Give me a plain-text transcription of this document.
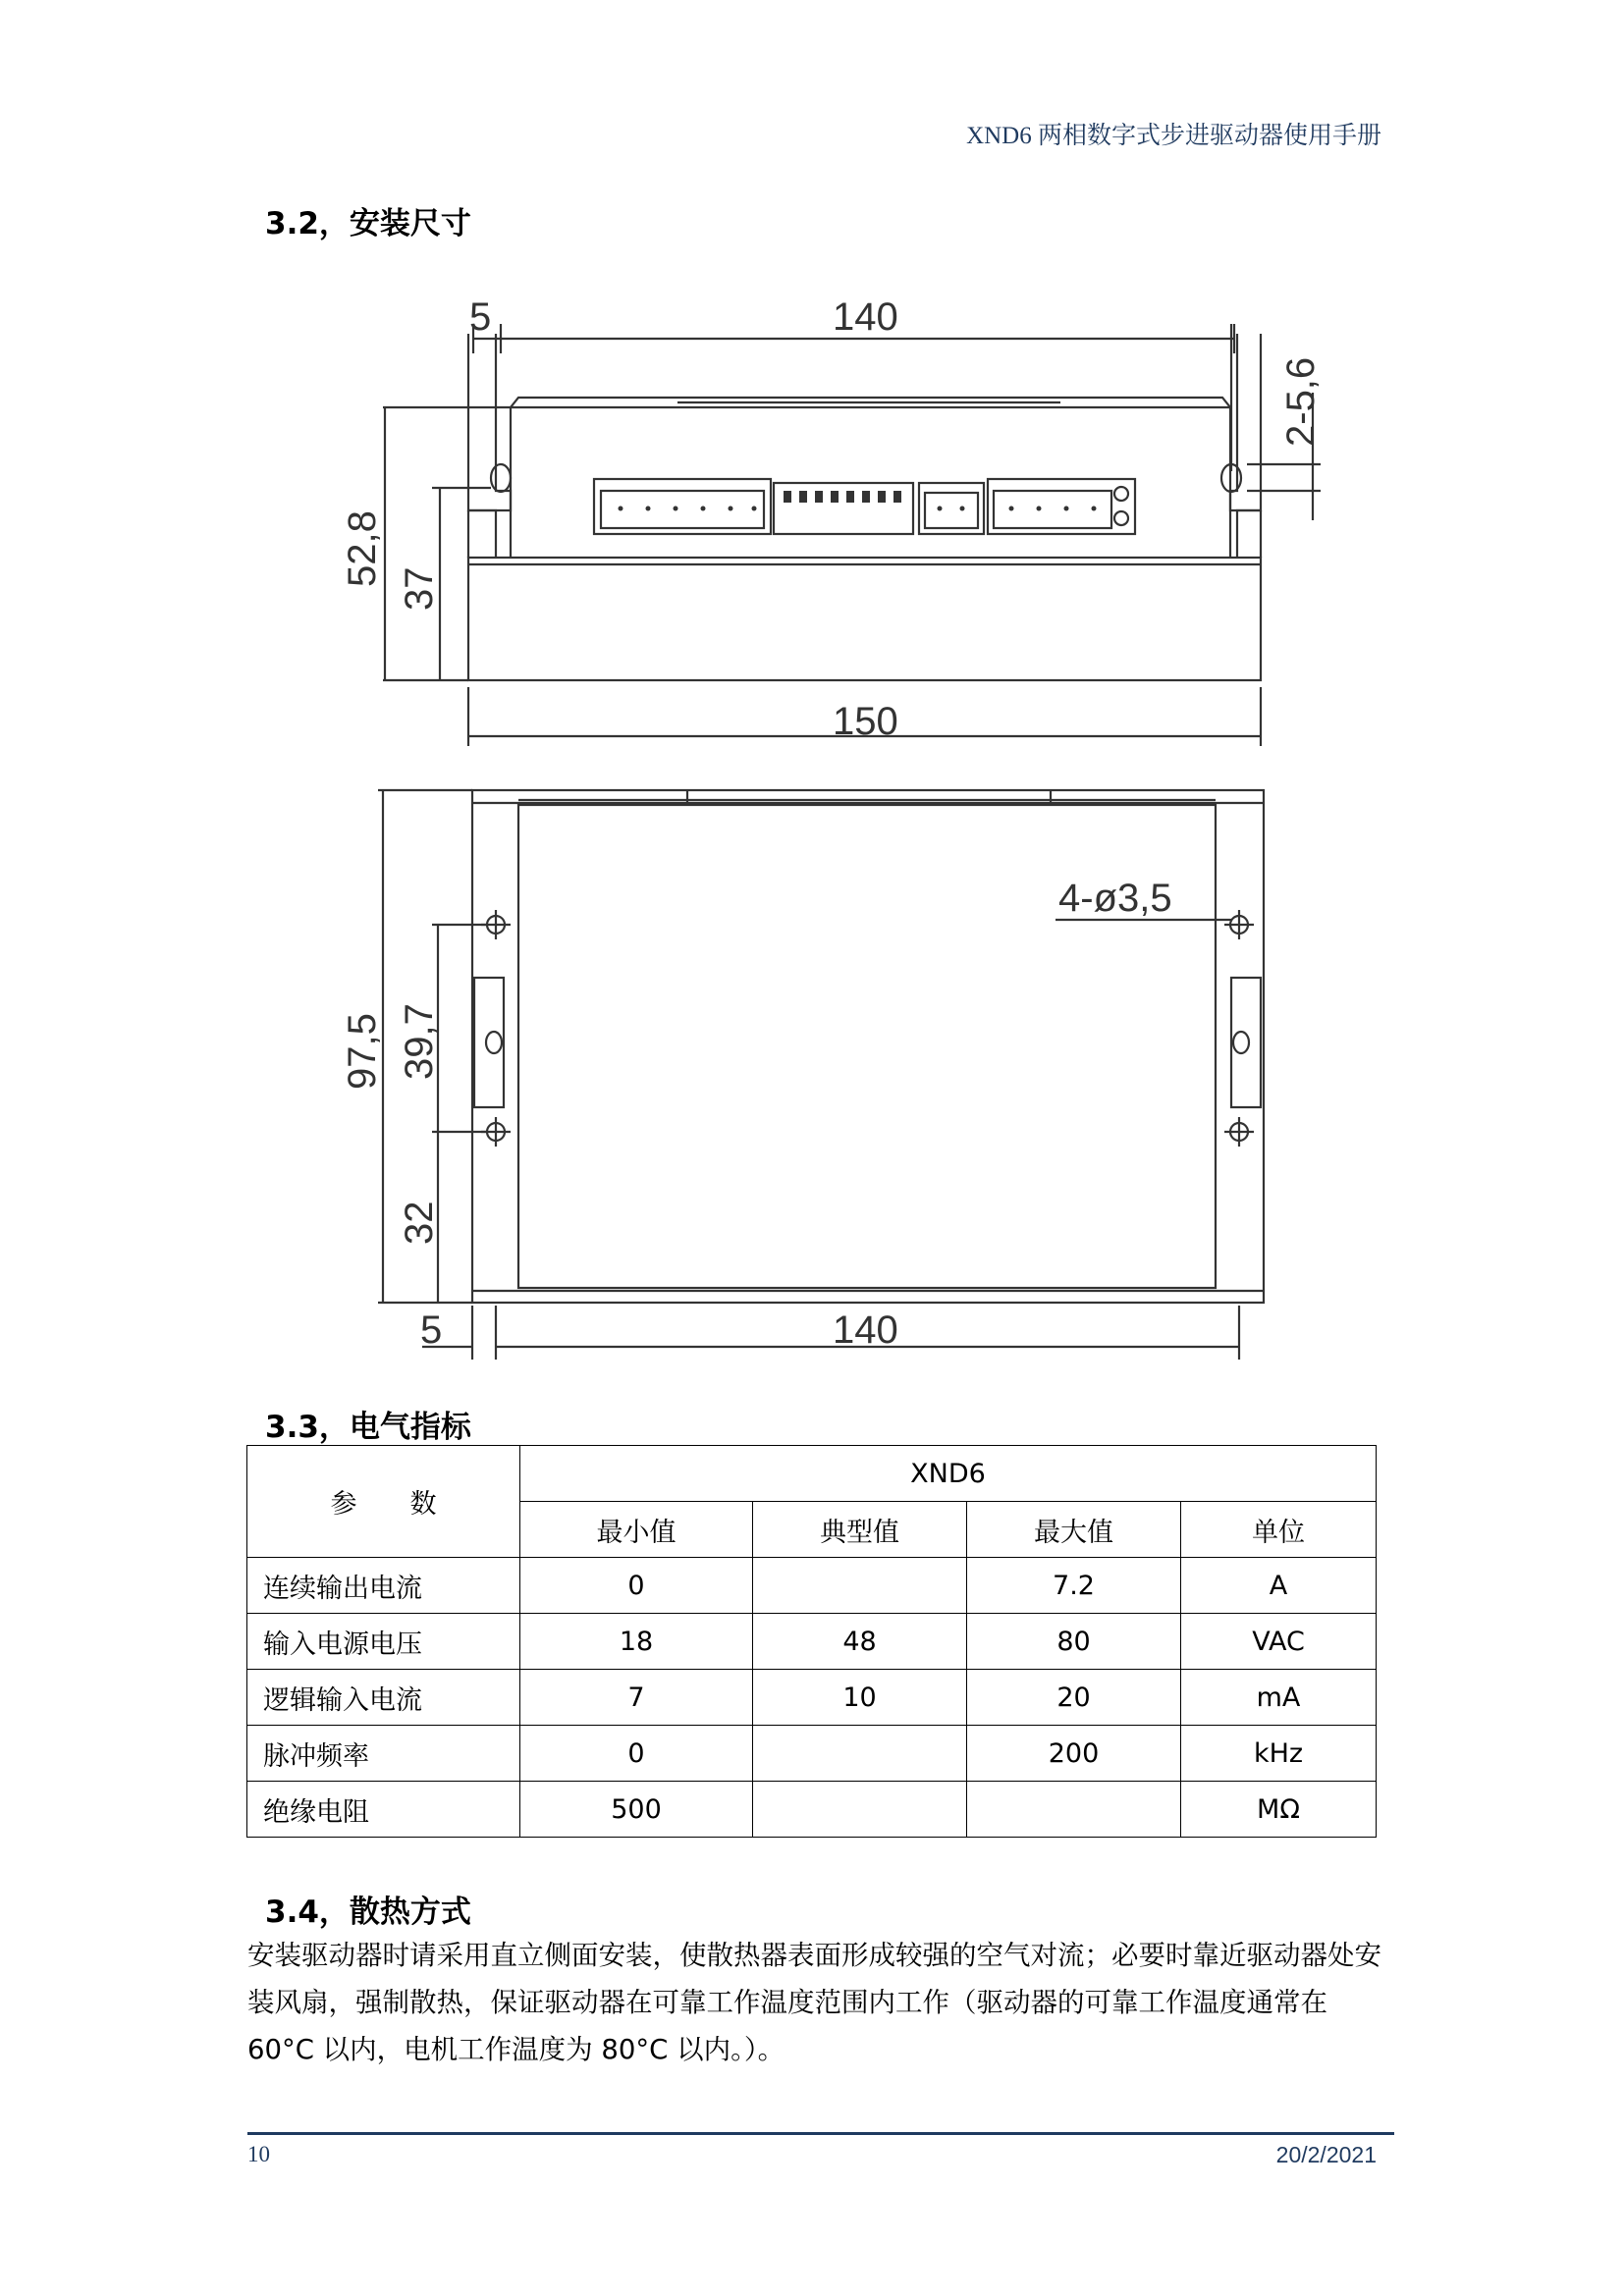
XND6 两相数字式步进驱动器使用手册
3.2，安装尺寸
5	140
2-5,6
52,8
37
150
4-ø3,5
97,5 39,7
32
5	140
3.3，电气指标
参　　数	XND6			
	最小值	典型值	最大值	单位
连续输出电流	0		7.2	A
输入电源电压	18	48	80	VAC
逻辑输入电流	7	10	20	mA
脉冲频率	0		200	kHz
绝缘电阻	500			MΩ
3.4，散热方式

安装驱动器时请采用直立侧面安装，使散热器表面形成较强的空气对流；必要时靠近驱动器处安装风扇，强制散热，保证驱动器在可靠工作温度范围内工作（驱动器的可靠工作温度通常在 60°C 以内，电机工作温度为 80°C 以内。）。

10	20/2/2021
